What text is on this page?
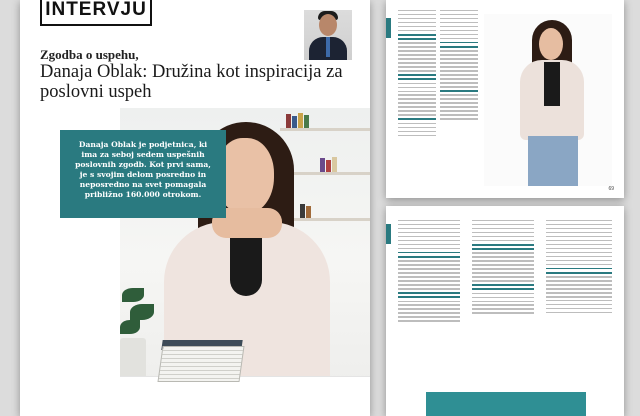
INTERVJU
Zgodba o uspehu,
Danaja Oblak: Družina kot inspiracija za poslovni uspeh

Danaja Oblak je podjetnica, ki ima za seboj sedem uspešnih poslovnih zgodb. Kot prvi sama, je s svojim delom posredno in neposredno na svet pomagala približno 160.000 otrokom.

69
